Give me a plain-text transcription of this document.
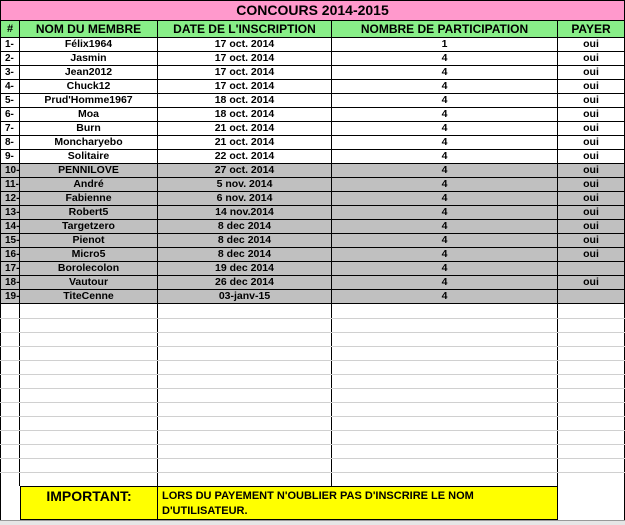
CONCOURS 2014-2015
#	NOM DU MEMBRE	DATE DE L'INSCRIPTION	NOMBRE DE PARTICIPATION	PAYER
1-	Félix1964	17 oct. 2014	1	oui
2-	Jasmin	17 oct. 2014	4	oui
3-	Jean2012	17 oct. 2014	4	oui
4-	Chuck12	17 oct. 2014	4	oui
5-	Prud'Homme1967	18 oct. 2014	4	oui
6-	Moa	18 oct. 2014	4	oui
7-	Burn	21 oct. 2014	4	oui
8-	Moncharyebo	21 oct. 2014	4	oui
9-	Solitaire	22 oct. 2014	4	oui
10-	PENNILOVE	27 oct. 2014	4	oui
11-	André	5 nov. 2014	4	oui
12-	Fabienne	6 nov. 2014	4	oui
13-	Robert5	14 nov.2014	4	oui
14-	Targetzero	8 dec 2014	4	oui
15-	Pienot	8 dec 2014	4	oui
16-	Micro5	8 dec 2014	4	oui
17-	Borolecolon	19 dec 2014	4
18-	Vautour	26 dec 2014	4	oui
19-	TiteCenne	03-janv-15	4
IMPORTANT:	LORS DU PAYEMENT N'OUBLIER PAS D'INSCRIRE LE NOM D'UTILISATEUR.
